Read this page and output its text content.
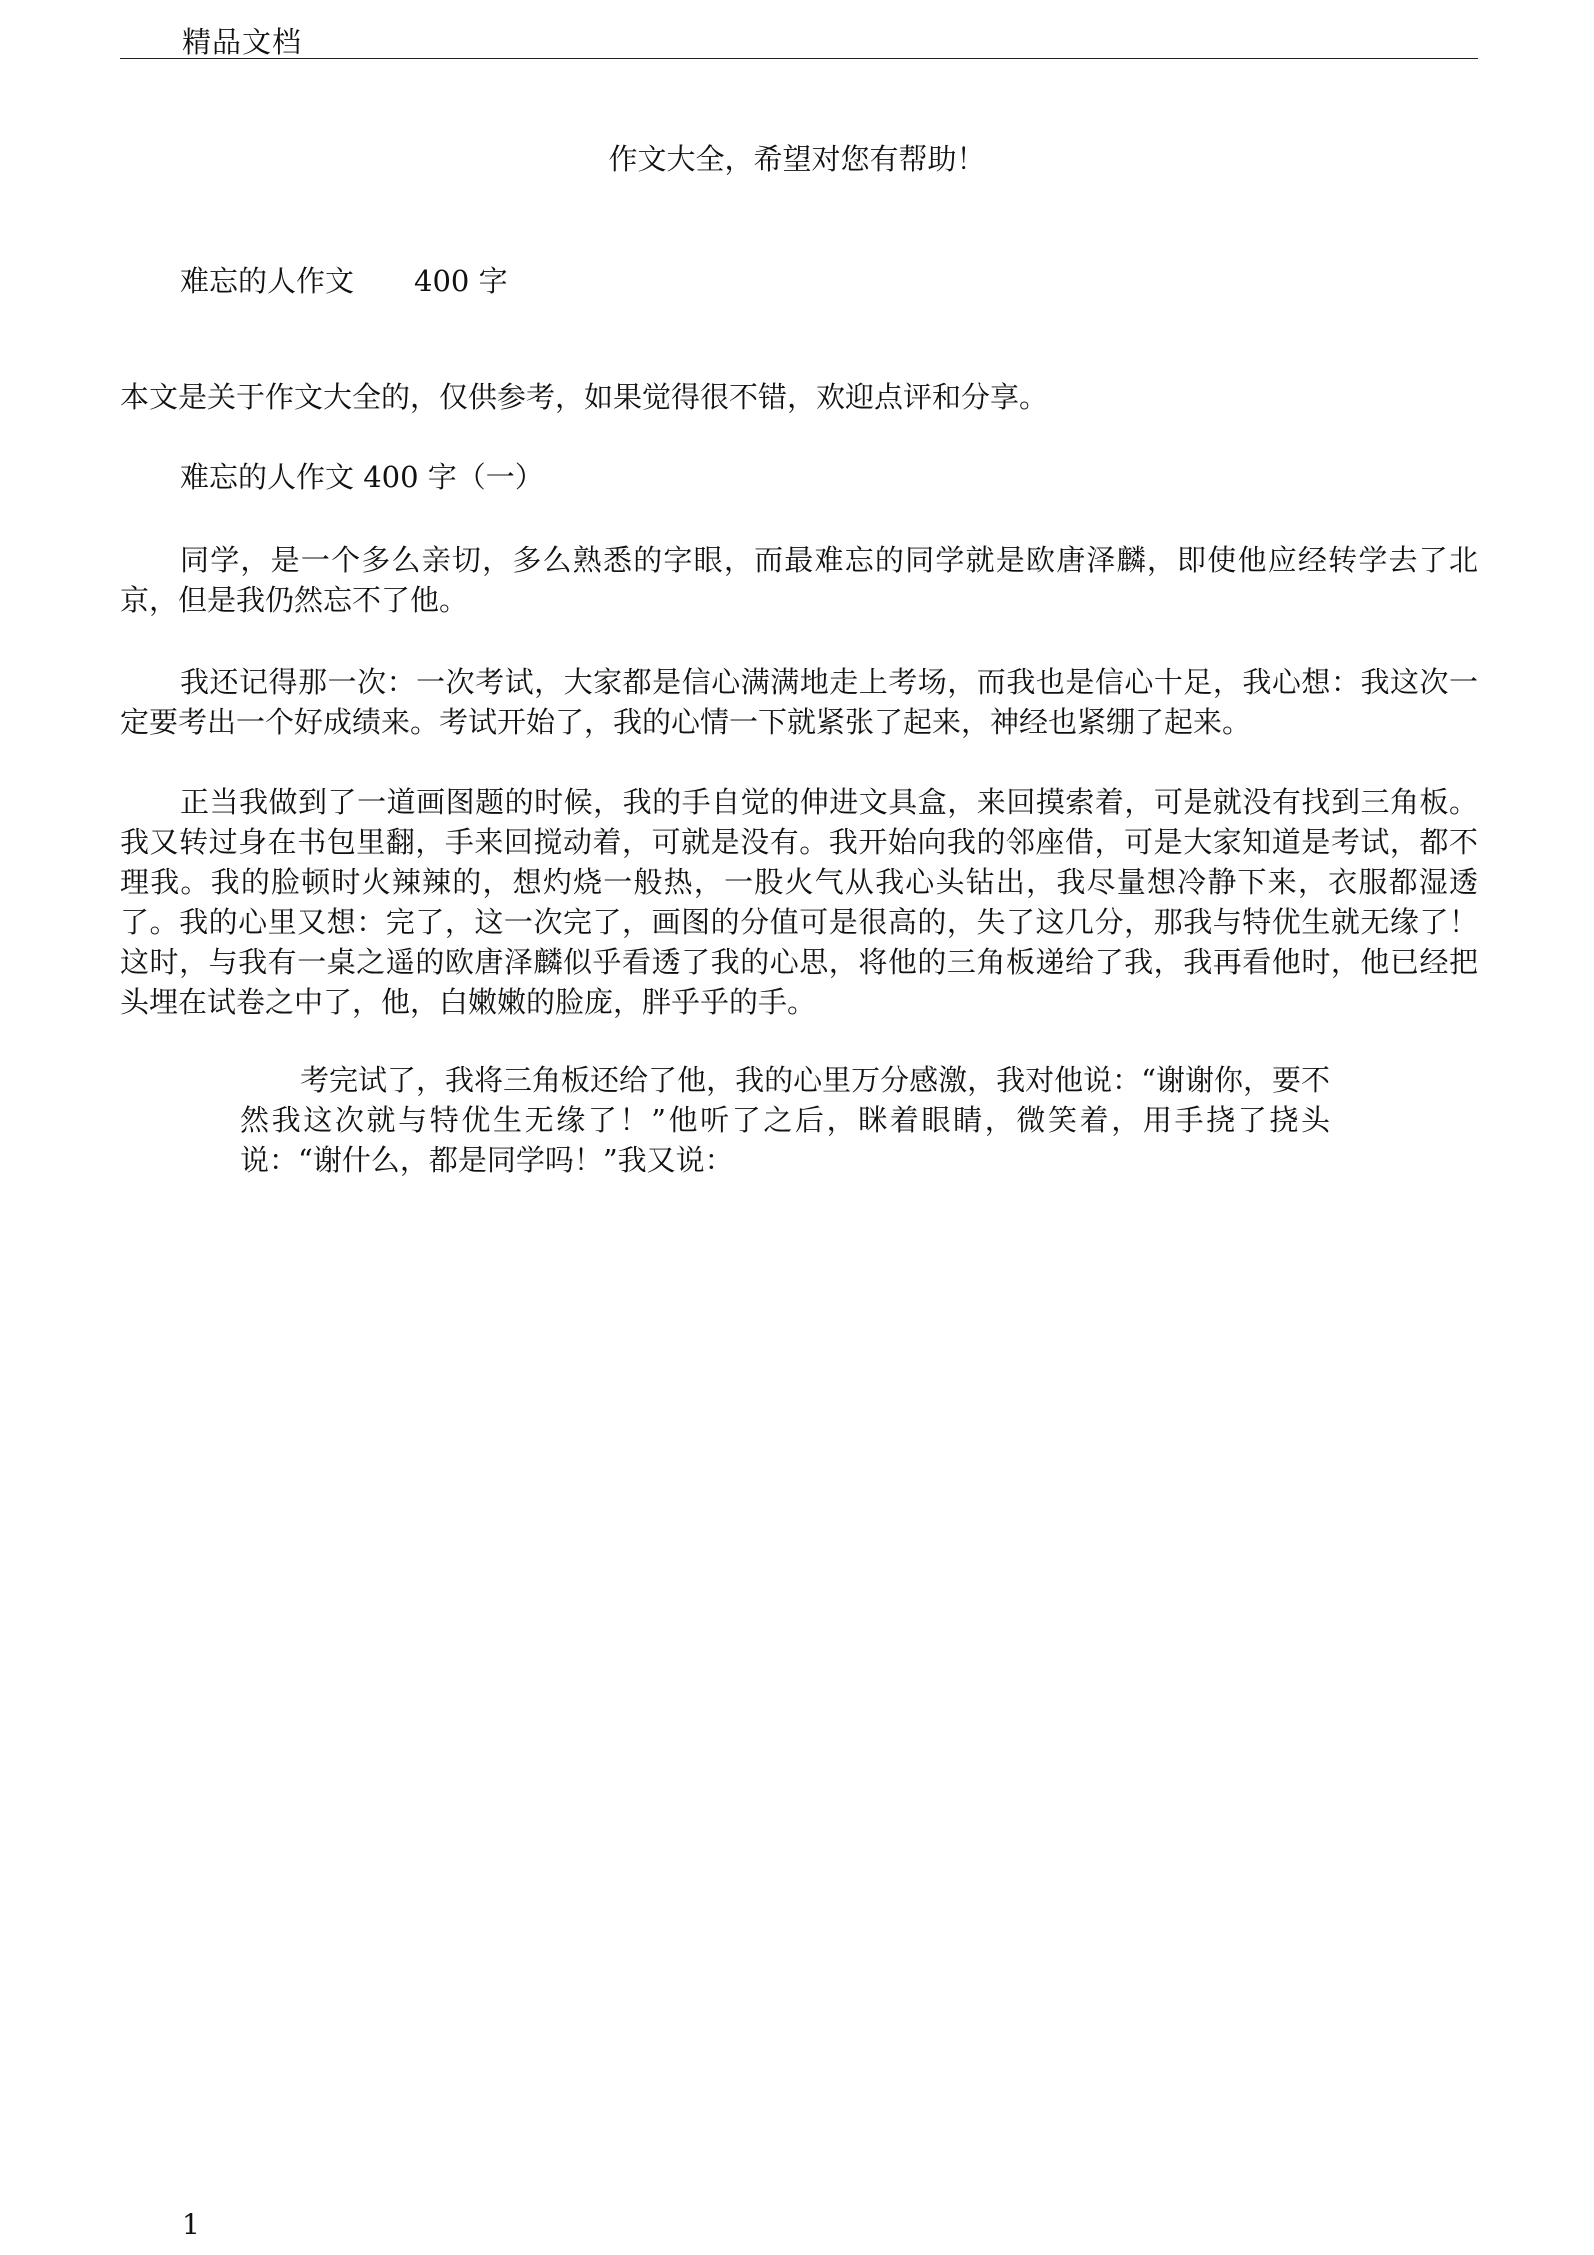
精品文档
作文大全，希望对您有帮助！
难忘的人作文 400 字
本文是关于作文大全的，仅供参考，如果觉得很不错，欢迎点评和分享。
难忘的人作文 400 字（一）

同学，是一个多么亲切，多么熟悉的字眼，而最难忘的同学就是欧唐泽麟，即使他应经转学去了北京，但是我仍然忘不了他。

我还记得那一次：一次考试，大家都是信心满满地走上考场，而我也是信心十足，我心想：我这次一定要考出一个好成绩来。考试开始了，我的心情一下就紧张了起来，神经也紧绷了起来。

正当我做到了一道画图题的时候，我的手自觉的伸进文具盒，来回摸索着，可是就没有找到三角板。我又转过身在书包里翻，手来回搅动着，可就是没有。我开始向我的邻座借，可是大家知道是考试，都不理我。我的脸顿时火辣辣的，想灼烧一般热，一股火气从我心头钻出，我尽量想冷静下来，衣服都湿透了。我的心里又想：完了，这一次完了，画图的分值可是很高的，失了这几分，那我与特优生就无缘了！这时，与我有一桌之遥的欧唐泽麟似乎看透了我的心思，将他的三角板递给了我，我再看他时，他已经把头埋在试卷之中了，他，白嫩嫩的脸庞，胖乎乎的手。

考完试了，我将三角板还给了他，我的心里万分感激，我对他说：“谢谢你，要不然我这次就与特优生无缘了！”他听了之后，眯着眼睛，微笑着，用手挠了挠头说：“谢什么，都是同学吗！”我又说：

1
